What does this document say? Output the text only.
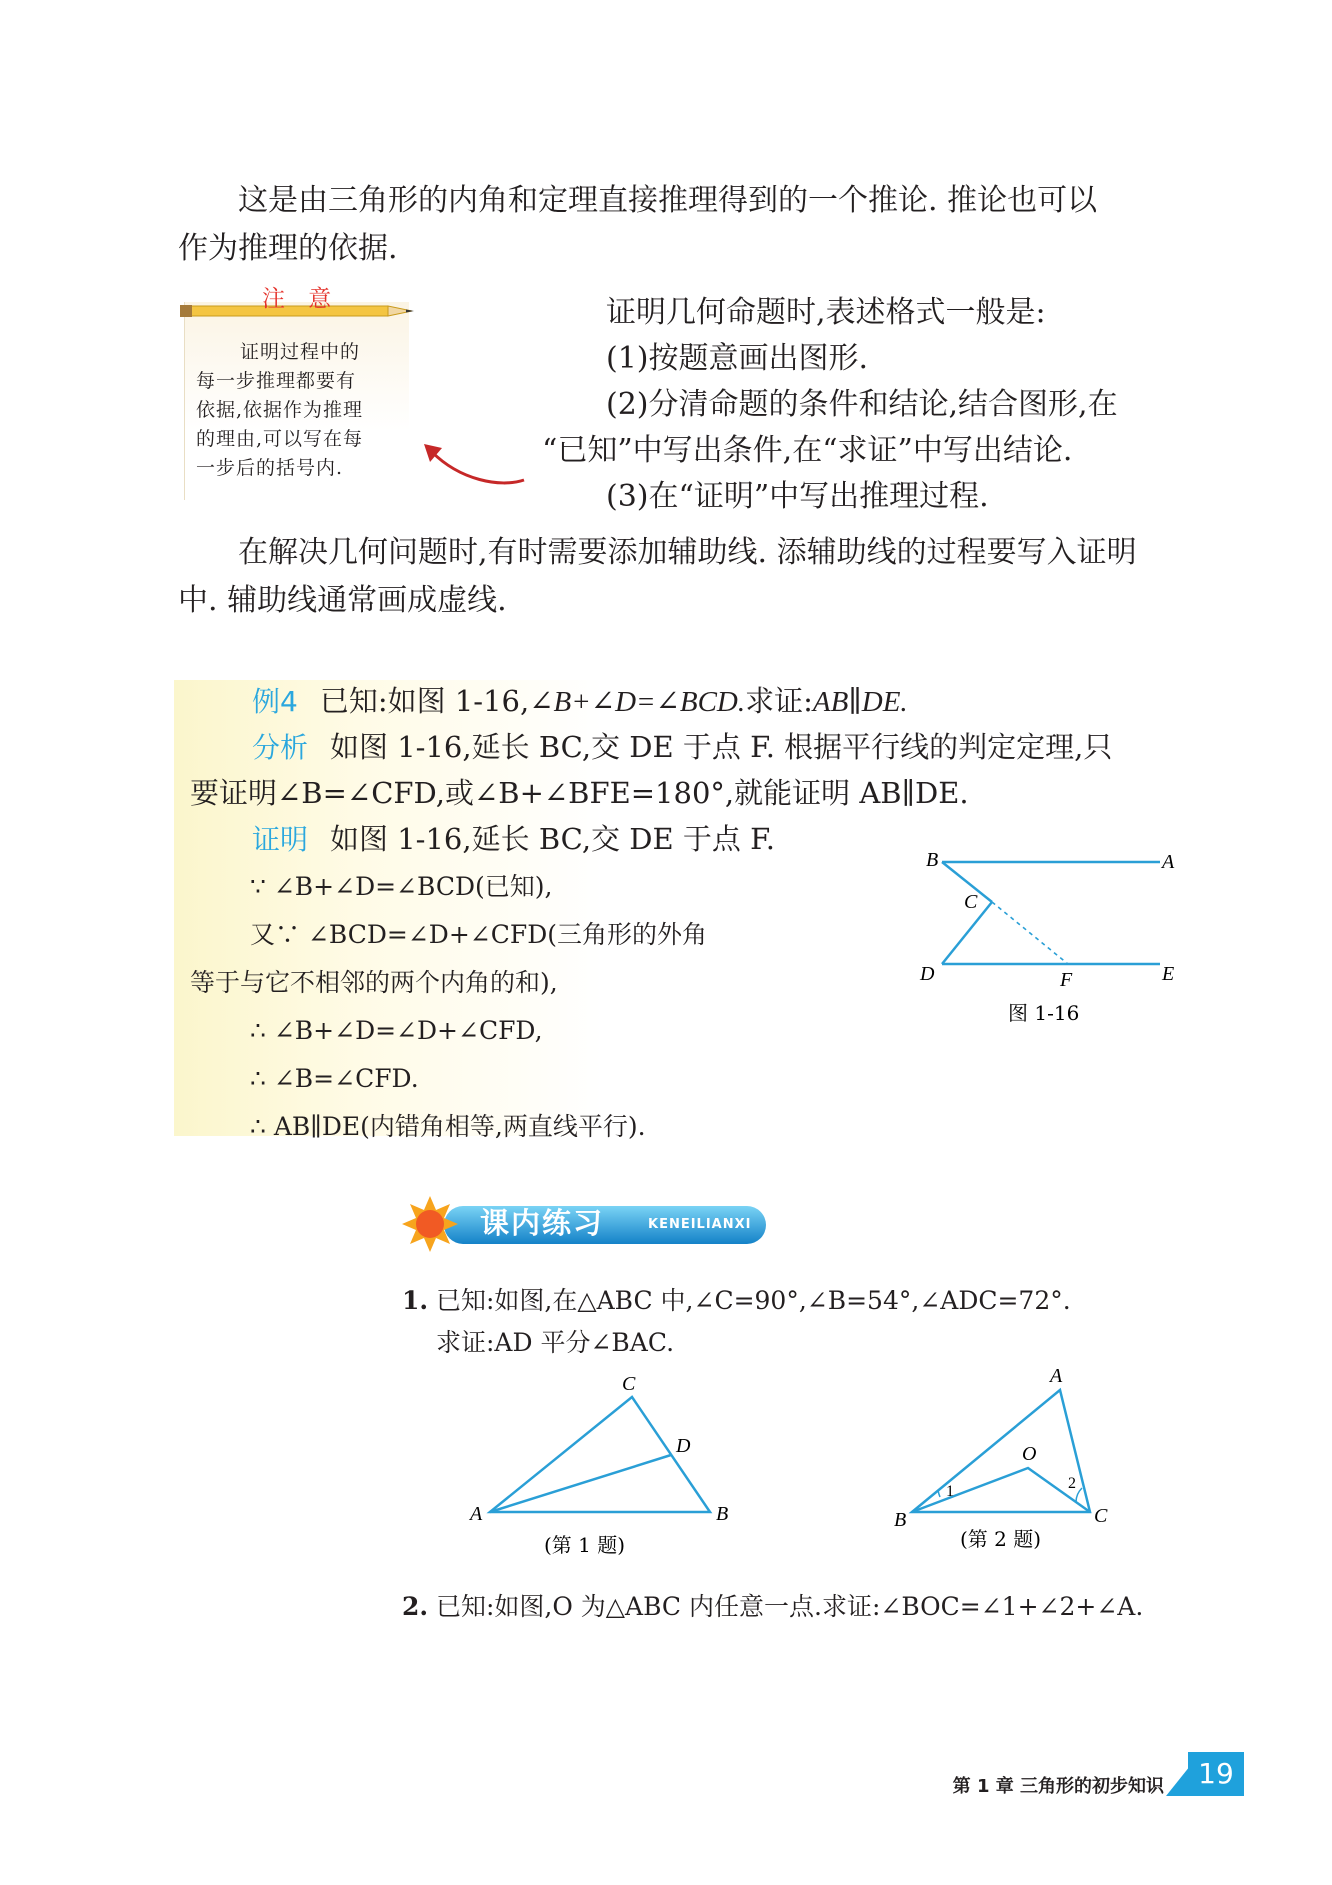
这是由三角形的内角和定理直接推理得到的一个推论. 推论也可以
作为推理的依据.
注 意
证明过程中的
每一步推理都要有
依据,依据作为推理
的理由,可以写在每
一步后的括号内.
证明几何命题时,表述格式一般是:
(1)按题意画出图形.
(2)分清命题的条件和结论,结合图形,在
“已知”中写出条件,在“求证”中写出结论.
(3)在“证明”中写出推理过程.
在解决几何问题时,有时需要添加辅助线. 添辅助线的过程要写入证明
中. 辅助线通常画成虚线.
例4 已知:如图 1-16,∠B+∠D=∠BCD.求证:AB∥DE.
分析 如图 1-16,延长 BC,交 DE 于点 F. 根据平行线的判定定理,只
要证明∠B=∠CFD,或∠B+∠BFE=180°,就能证明 AB∥DE.
证明 如图 1-16,延长 BC,交 DE 于点 F.
∵ ∠B+∠D=∠BCD(已知),
又∵ ∠BCD=∠D+∠CFD(三角形的外角
等于与它不相邻的两个内角的和),
∴ ∠B+∠D=∠D+∠CFD,
∴ ∠B=∠CFD.
∴ AB∥DE(内错角相等,两直线平行).
B	A
C
D	F	E
图 1-16
课内练习	KENEILIANXI
1. 已知:如图,在△ABC 中,∠C=90°,∠B=54°,∠ADC=72°.
求证:AD 平分∠BAC.
A	B
C
D
(第 1 题)
A
B	C
O
1	2
(第 2 题)
2. 已知:如图,O 为△ABC 内任意一点.求证:∠BOC=∠1+∠2+∠A.
第 1 章 三角形的初步知识	19
